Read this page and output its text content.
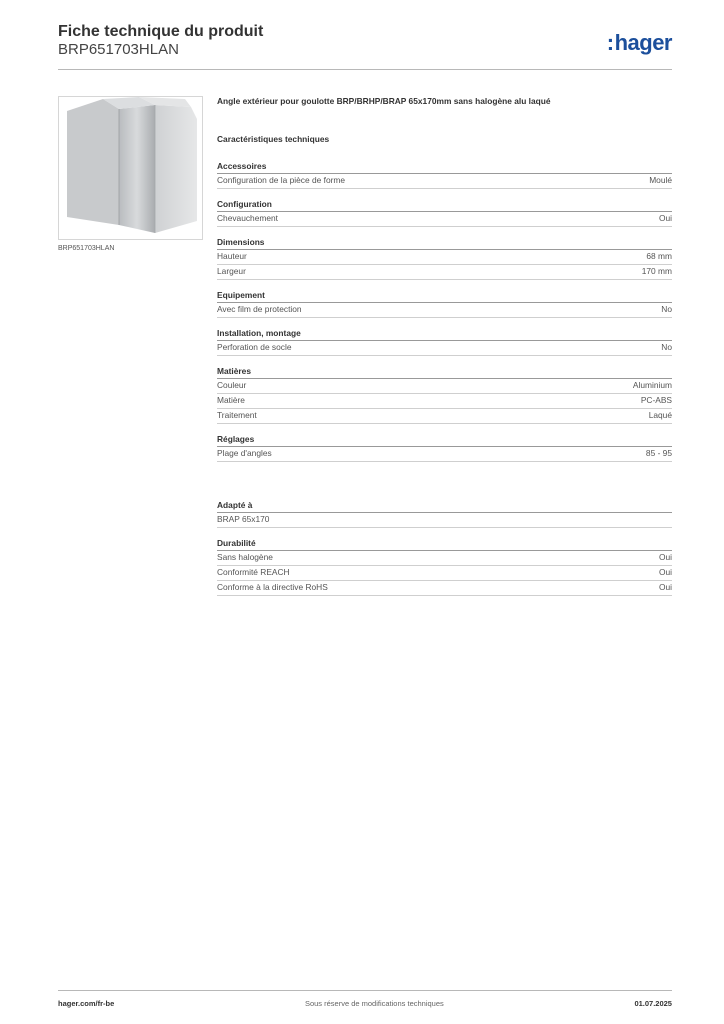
Fiche technique du produit
BRP651703HLAN	:hager
BRP651703HLAN
Angle extérieur pour goulotte BRP/BRHP/BRAP 65x170mm sans halogène alu laqué
Caractéristiques techniques
Accessoires
Configuration de la pièce de forme	Moulé
Configuration
Chevauchement	Oui
Dimensions
Hauteur	68 mm
Largeur	170 mm
Equipement
Avec film de protection	No
Installation, montage
Perforation de socle	No
Matières
Couleur	Aluminium
Matière	PC-ABS
Traitement	Laqué
Réglages
Plage d'angles	85 - 95
Adapté à
BRAP 65x170
Durabilité
Sans halogène	Oui
Conformité REACH	Oui
Conforme à la directive RoHS	Oui
hager.com/fr-be	Sous réserve de modifications techniques	01.07.2025
